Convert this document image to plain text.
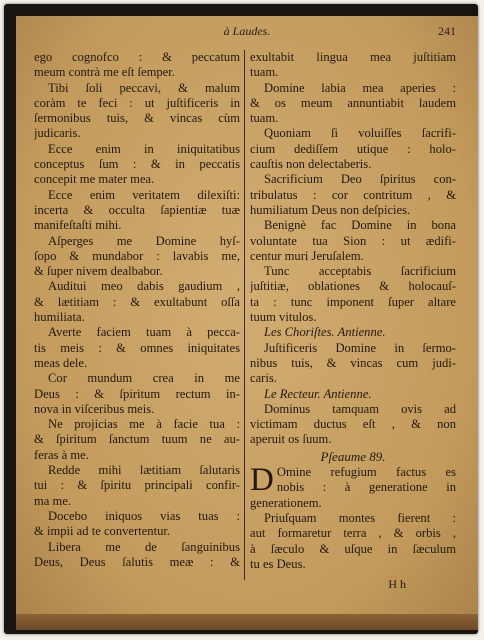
à Laudes.	241
ego cognofco : & peccatum
meum contrà me eſt ſemper.
Tibi ſoli peccavi, & malum
coràm te feci : ut juſtificeris in
ſermonibus tuis, & vincas cùm
judicaris.
Ecce enim in iniquitatibus
conceptus ſum : & in peccatis
concepit me mater mea.
Ecce enim veritatem dilexiſti:
incerta & occulta ſapientiæ tuæ
manifeſtaſti mihi.
Aſperges me Domine hyſ-
ſopo & mundabor : lavabis me,
& ſuper nivem dealbabor.
Auditui meo dabis gaudium ,
& lætitiam : & exultabunt oſſa
humiliata.
Averte faciem tuam à pecca-
tis meis : & omnes iniquitates
meas dele.
Cor mundum crea in me
Deus : & ſpiritum rectum in-
nova in viſceribus meis.
Ne projicias me à facie tua :
& ſpiritum ſanctum tuum ne au-
feras à me.
Redde mihi lætitiam ſalutaris
tui : & ſpiritu principali confir-
ma me.
Docebo iniquos vias tuas :
& impii ad te convertentur.
Libera me de ſanguinibus
Deus, Deus ſalutis meæ : &
exultabit lingua mea juſtitiam
tuam.
Domine labia mea aperies :
& os meum annuntiabit laudem
tuam.
Quoniam ſi voluiſſes ſacrifi-
cium dediſſem utique : holo-
cauſtis non delectaberis.
Sacrificium Deo ſpiritus con-
tribulatus : cor contritum , &
humiliatum Deus non deſpicies.
Benignè fac Domine in bona
voluntate tua Sion : ut ædifi-
centur muri Jeruſalem.
Tunc acceptabis ſacrificium
juſtitiæ, oblationes & holocauſ-
ta : tunc imponent ſuper altare
tuum vitulos.
Les Choriſtes. Antienne.
Juſtificeris Domine in ſermo-
nibus tuis, & vincas cum judi-
caris.
Le Recteur. Antienne.
Dominus tamquam ovis ad
victimam ductus eſt , & non
aperuit os ſuum.
Pſeaume 89.
D Omine refugium factus es
nobis : à generatione in
generationem.
Priuſquam montes fierent :
aut formaretur terra , & orbis ,
à ſæculo & uſque in ſæculum
tu es Deus.
H h
